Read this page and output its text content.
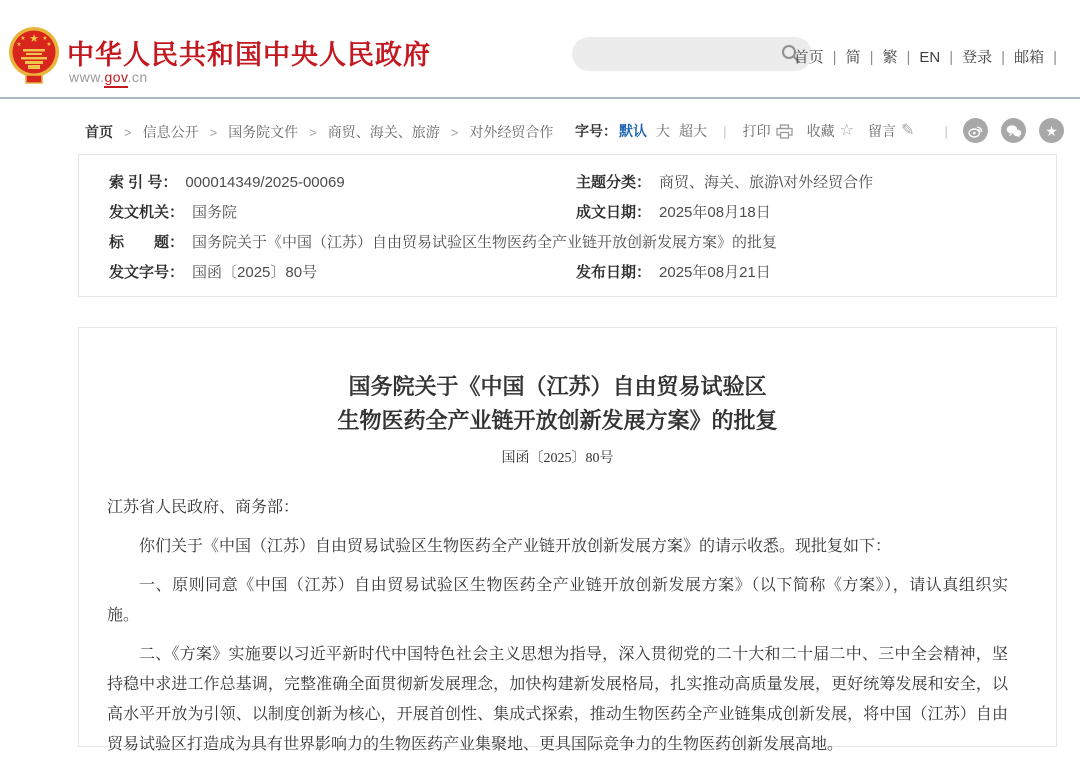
★
★	★
★	★ 中华人民共和国中央人民政府
www.gov.cn
首页 | 简 | 繁 | EN | 登录 | 邮箱 |
首页 > 信息公开 > 国务院文件 > 商贸、海关、旅游 > 对外经贸合作 字号： 默认 大 超大 | 打印	收藏 ☆ 留言 ✎ |	★
索 引 号： 000014349/2025-00069	主题分类： 商贸、海关、旅游\对外经贸合作
发文机关： 国务院	成文日期： 2025年08月18日
标　　题： 国务院关于《中国（江苏）自由贸易试验区生物医药全产业链开放创新发展方案》的批复
发文字号： 国函〔2025〕80号	发布日期： 2025年08月21日
国务院关于《中国（江苏）自由贸易试验区
生物医药全产业链开放创新发展方案》的批复
国函〔2025〕80号

江苏省人民政府、商务部：

你们关于《中国（江苏）自由贸易试验区生物医药全产业链开放创新发展方案》的请示收悉。现批复如下：

一、原则同意《中国（江苏）自由贸易试验区生物医药全产业链开放创新发展方案》（以下简称《方案》），请认真组织实施。

二、《方案》实施要以习近平新时代中国特色社会主义思想为指导，深入贯彻党的二十大和二十届二中、三中全会精神，坚持稳中求进工作总基调，完整准确全面贯彻新发展理念，加快构建新发展格局，扎实推动高质量发展，更好统筹发展和安全，以高水平开放为引领、以制度创新为核心，开展首创性、集成式探索，推动生物医药全产业链集成创新发展，将中国（江苏）自由贸易试验区打造成为具有世界影响力的生物医药产业集聚地、更具国际竞争力的生物医药创新发展高地。
